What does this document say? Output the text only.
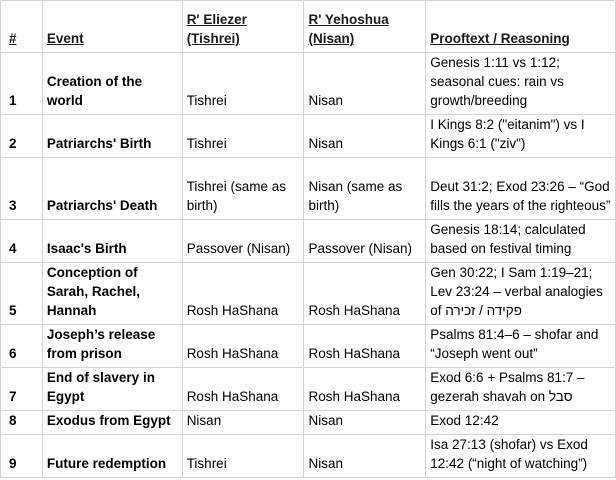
#	Event	R' Eliezer (Tishrei)	R' Yehoshua (Nisan)	Prooftext / Reasoning
1	Creation of the world	Tishrei	Nisan	Genesis 1:11 vs 1:12; seasonal cues: rain vs growth/breeding
2	Patriarchs' Birth	Tishrei	Nisan	I Kings 8:2 ("eitanim") vs I Kings 6:1 ("ziv")
3	Patriarchs' Death	Tishrei (same as birth)	Nisan (same as birth)	Deut 31:2; Exod 23:26 – “God fills the years of the righteous”
4	Isaac's Birth	Passover (Nisan)	Passover (Nisan)	Genesis 18:14; calculated based on festival timing
5	Conception of Sarah, Rachel, Hannah	Rosh HaShana	Rosh HaShana	Gen 30:22; I Sam 1:19–21; Lev 23:24 – verbal analogies of פקידה / זכירה
6	Joseph’s release from prison	Rosh HaShana	Rosh HaShana	Psalms 81:4–6 – shofar and “Joseph went out”
7	End of slavery in Egypt	Rosh HaShana	Rosh HaShana	Exod 6:6 + Psalms 81:7 – gezerah shavah on סבל
8	Exodus from Egypt	Nisan	Nisan	Exod 12:42
9	Future redemption	Tishrei	Nisan	Isa 27:13 (shofar) vs Exod 12:42 (“night of watching”)
